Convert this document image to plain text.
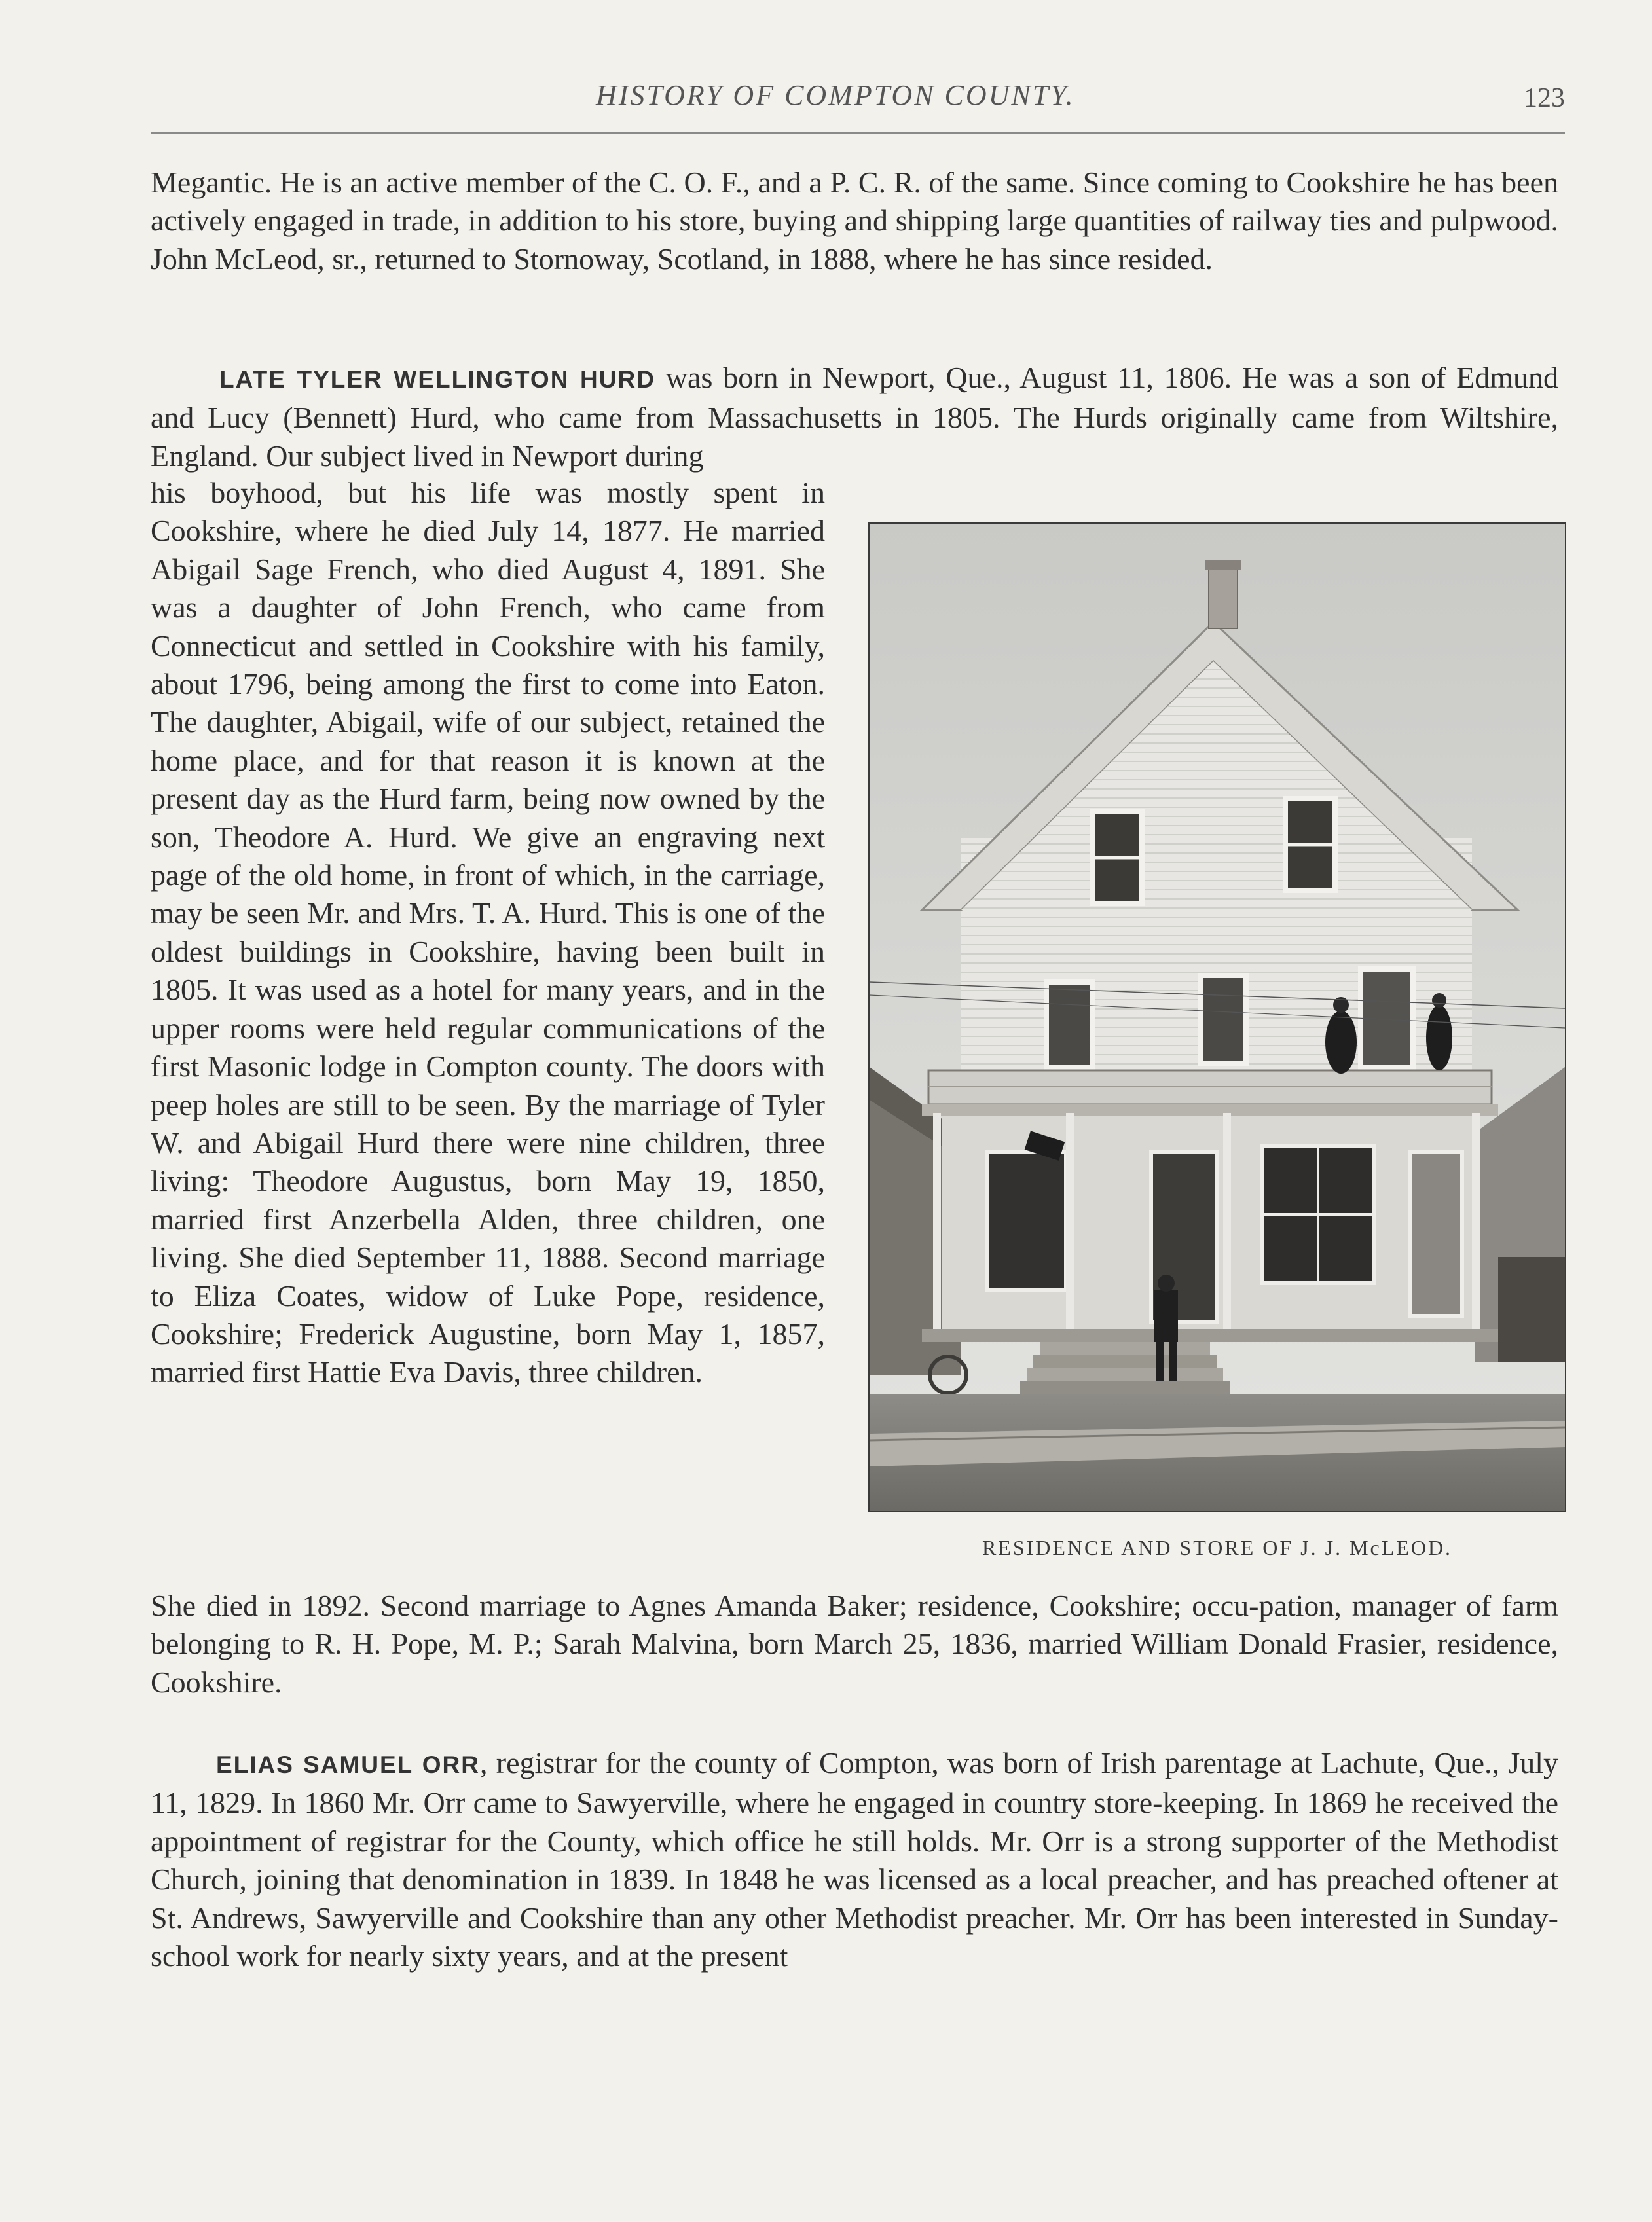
HISTORY OF COMPTON COUNTY.	123

Megantic. He is an active member of the C. O. F., and a P. C. R. of the same. Since coming to Cookshire he has been actively engaged in trade, in addition to his store, buying and shipping large quantities of railway ties and pulpwood. John McLeod, sr., returned to Stornoway, Scotland, in 1888, where he has since resided.

LATE TYLER WELLINGTON HURD was born in Newport, Que., August 11, 1806. He was a son of Edmund and Lucy (Bennett) Hurd, who came from Massachusetts in 1805. The Hurds originally came from Wiltshire, England. Our subject lived in Newport during

his boyhood, but his life was mostly spent in Cookshire, where he died July 14, 1877. He married Abigail Sage French, who died August 4, 1891. She was a daughter of John French, who came from Connecticut and settled in Cookshire with his family, about 1796, being among the first to come into Eaton. The daughter, Abigail, wife of our subject, retained the home place, and for that reason it is known at the present day as the Hurd farm, being now owned by the son, Theodore A. Hurd. We give an engraving next page of the old home, in front of which, in the carriage, may be seen Mr. and Mrs. T. A. Hurd. This is one of the oldest buildings in Cookshire, having been built in 1805. It was used as a hotel for many years, and in the upper rooms were held regular communications of the first Masonic lodge in Compton county. The doors with peep holes are still to be seen. By the marriage of Tyler W. and Abigail Hurd there were nine children, three living: Theodore Augustus, born May 19, 1850, married first Anzerbella Alden, three children, one living. She died September 11, 1888. Second marriage to Eliza Coates, widow of Luke Pope, residence, Cookshire; Frederick Augustine, born May 1, 1857, married first Hattie Eva Davis, three children.

She died in 1892. Second marriage to Agnes Amanda Baker; residence, Cookshire; occu-pation, manager of farm belonging to R. H. Pope, M. P.; Sarah Malvina, born March 25, 1836, married William Donald Frasier, residence, Cookshire.

ELIAS SAMUEL ORR, registrar for the county of Compton, was born of Irish parentage at Lachute, Que., July 11, 1829. In 1860 Mr. Orr came to Sawyerville, where he engaged in country store-keeping. In 1869 he received the appointment of registrar for the County, which office he still holds. Mr. Orr is a strong supporter of the Methodist Church, joining that denomination in 1839. In 1848 he was licensed as a local preacher, and has preached oftener at St. Andrews, Sawyerville and Cookshire than any other Methodist preacher. Mr. Orr has been interested in Sunday-school work for nearly sixty years, and at the present

RESIDENCE AND STORE OF J. J. McLEOD.
